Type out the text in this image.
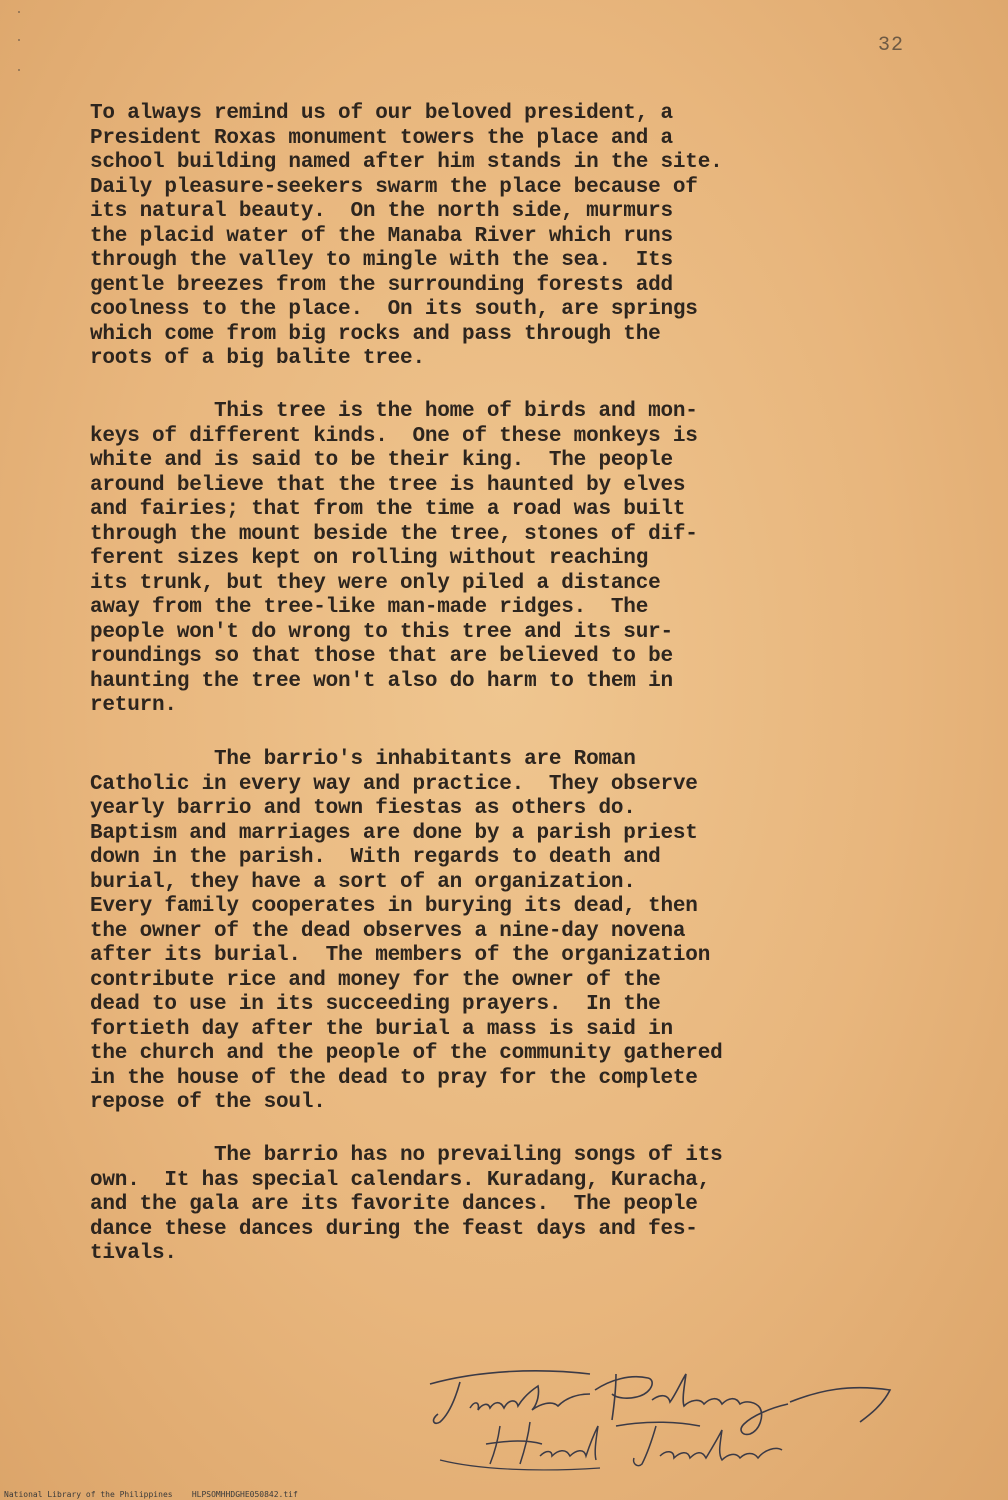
32

To always remind us of our beloved president, a
President Roxas monument towers the place and a
school building named after him stands in the site.
Daily pleasure-seekers swarm the place because of
its natural beauty.  On the north side, murmurs
the placid water of the Manaba River which runs
through the valley to mingle with the sea.  Its
gentle breezes from the surrounding forests add
coolness to the place.  On its south, are springs
which come from big rocks and pass through the
roots of a big balite tree.

This tree is the home of birds and mon-
keys of different kinds.  One of these monkeys is
white and is said to be their king.  The people
around believe that the tree is haunted by elves
and fairies; that from the time a road was built
through the mount beside the tree, stones of dif-
ferent sizes kept on rolling without reaching
its trunk, but they were only piled a distance
away from the tree-like man-made ridges.  The
people won't do wrong to this tree and its sur-
roundings so that those that are believed to be
haunting the tree won't also do harm to them in
return.

The barrio's inhabitants are Roman
Catholic in every way and practice.  They observe
yearly barrio and town fiestas as others do.
Baptism and marriages are done by a parish priest
down in the parish.  With regards to death and
burial, they have a sort of an organization.
Every family cooperates in burying its dead, then
the owner of the dead observes a nine-day novena
after its burial.  The members of the organization
contribute rice and money for the owner of the
dead to use in its succeeding prayers.  In the
fortieth day after the burial a mass is said in
the church and the people of the community gathered
in the house of the dead to pray for the complete
repose of the soul.

The barrio has no prevailing songs of its
own.  It has special calendars. Kuradang, Kuracha,
and the gala are its favorite dances.  The people
dance these dances during the feast days and fes-
tivals.

National Library of the Philippines    HLPSOMHHDGHE050842.tif
